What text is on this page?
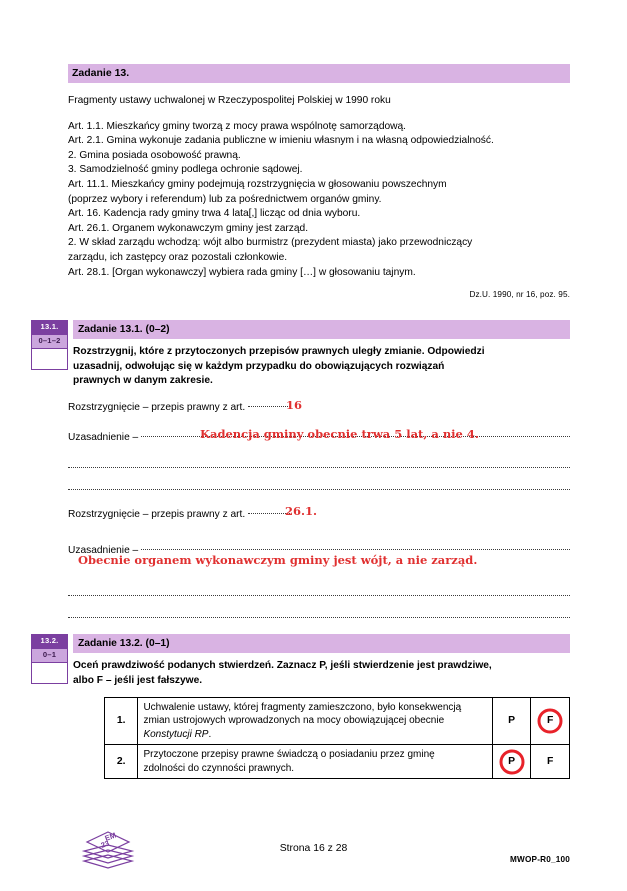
Zadanie 13.

Fragmenty ustawy uchwalonej w Rzeczypospolitej Polskiej w 1990 roku

Art. 1.1. Mieszkańcy gminy tworzą z mocy prawa wspólnotę samorządową.

Art. 2.1. Gmina wykonuje zadania publiczne w imieniu własnym i na własną odpowiedzialność.

2. Gmina posiada osobowość prawną.

3. Samodzielność gminy podlega ochronie sądowej.

Art. 11.1. Mieszkańcy gminy podejmują rozstrzygnięcia w głosowaniu powszechnym

(poprzez wybory i referendum) lub za pośrednictwem organów gminy.

Art. 16. Kadencja rady gminy trwa 4 lata[,] licząc od dnia wyboru.

Art. 26.1. Organem wykonawczym gminy jest zarząd.

2. W skład zarządu wchodzą: wójt albo burmistrz (prezydent miasta) jako przewodniczący

zarządu, ich zastępcy oraz pozostali członkowie.

Art. 28.1. [Organ wykonawczy] wybiera rada gminy […] w głosowaniu tajnym.

Dz.U. 1990, nr 16, poz. 95.
13.1.
0–1–2
Zadanie 13.1. (0–2)
Rozstrzygnij, które z przytoczonych przepisów prawnych uległy zmianie. Odpowiedzi
uzasadnij, odwołując się w każdym przypadku do obowiązujących rozwiązań
prawnych w danym zakresie.
Rozstrzygnięcie – przepis prawny z art.	16
Uzasadnienie –	Kadencja gminy obecnie trwa 5 lat, a nie 4.
Rozstrzygnięcie – przepis prawny z art.	26.1.
Uzasadnienie –
Obecnie organem wykonawczym gminy jest wójt, a nie zarząd.
13.2.
0–1
Zadanie 13.2. (0–1)
Oceń prawdziwość podanych stwierdzeń. Zaznacz P, jeśli stwierdzenie jest prawdziwe,
albo F – jeśli jest fałszywe.
1.	Uchwalenie ustawy, której fragmenty zamieszczono, było konsekwencją
zmian ustrojowych wprowadzonych na mocy obowiązującej obecnie
Konstytucji RP.	P	F
2.	Przytoczone przepisy prawne świadczą o posiadaniu przez gminę
zdolności do czynności prawnych.	P	F
EM
23	Strona 16 z 28
MWOP-R0_100
